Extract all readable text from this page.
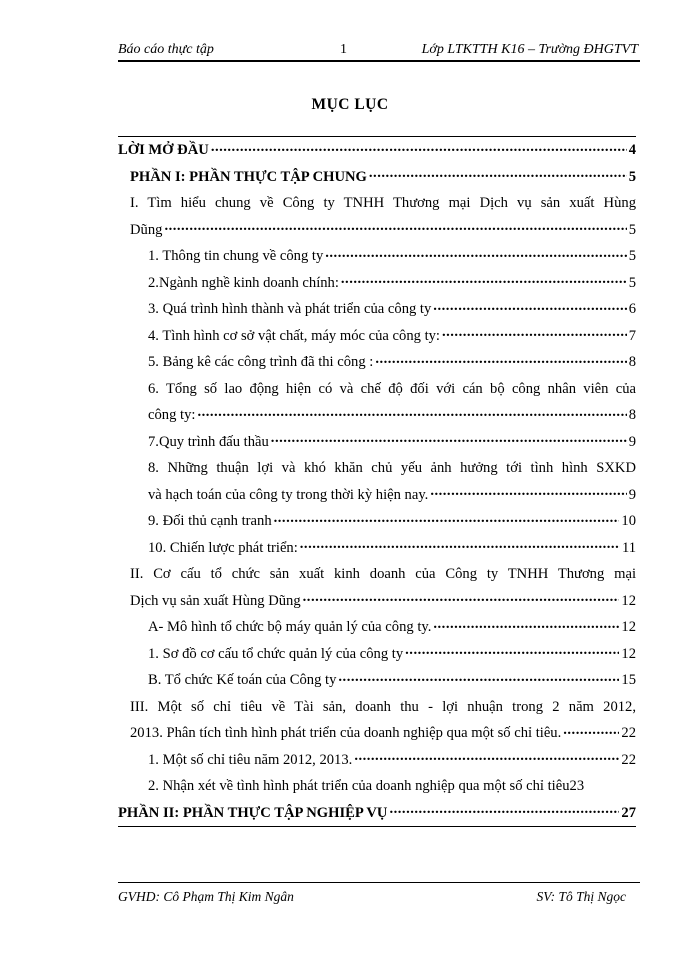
Báo cáo thực tập	1	Lớp LTKTTH K16 – Trường ĐHGTVT
MỤC LỤC
LỜI MỞ ĐẦU .....	4
PHẦN I: PHẦN THỰC TẬP CHUNG .....	5
I. Tìm hiểu chung về Công ty TNHH Thương mại Dịch vụ sản xuất Hùng
Dũng .....	5
1. Thông tin chung về công ty .....	5
2.Ngành nghề kinh doanh chính: .....	5
3. Quá trình hình thành và phát triển của công ty .....	6
4. Tình hình cơ sở vật chất, máy móc của công ty: .....	7
5. Bảng kê các công trình đã thi công : .....	8
6. Tổng số lao động hiện có và chế độ đối với cán bộ công nhân viên của
công ty: .....	8
7.Quy trình đấu thầu .....	9
8. Những thuận lợi và khó khăn chủ yếu ảnh hưởng tới tình hình SXKD
và hạch toán của công ty trong thời kỳ hiện nay. .....	9
9. Đối thủ cạnh tranh .....	10
10. Chiến lược phát triển: .....	11
II. Cơ cấu tổ chức sản xuất kinh doanh của Công ty TNHH Thương mại
Dịch vụ sản xuất Hùng Dũng .....	12
A- Mô hình tổ chức bộ máy quản lý của công ty. .....	12
1. Sơ đồ cơ cấu tổ chức quản lý của công ty .....	12
B. Tổ chức Kế toán của Công ty .....	15
III. Một số chỉ tiêu về Tài sản, doanh thu - lợi nhuận trong 2 năm 2012,
2013. Phân tích tình hình phát triển của doanh nghiệp qua một số chỉ tiêu. .....	22
1. Một số chỉ tiêu năm 2012, 2013. .....	22
2. Nhận xét về tình hình phát triển của doanh nghiệp qua một số chỉ tiêu 23
PHẦN II: PHẦN THỰC TẬP NGHIỆP VỤ .....	27
GVHD: Cô Phạm Thị Kim Ngân	SV: Tô Thị Ngọc
